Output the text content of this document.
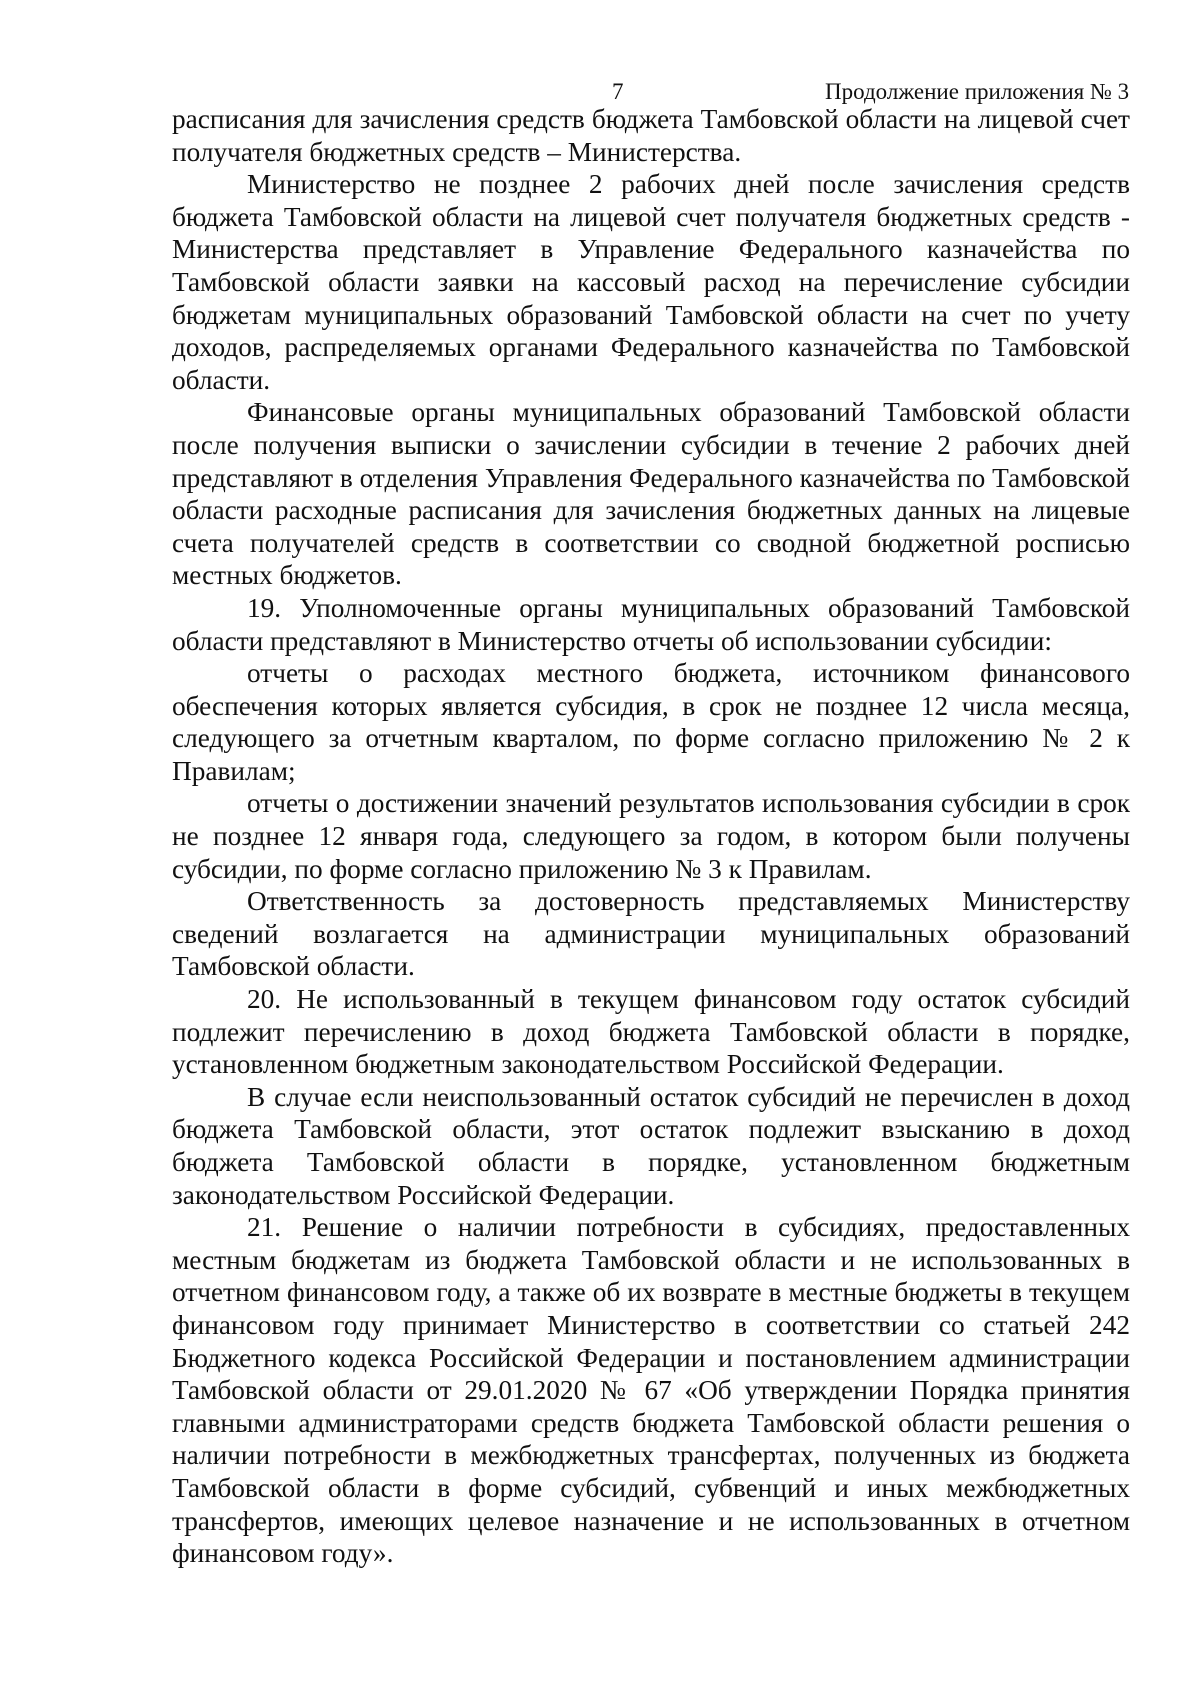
7	Продолжение приложения № 3

расписания для зачисления средств бюджета Тамбовской области на лицевой счет получателя бюджетных средств – Министерства.

Министерство не позднее 2 рабочих дней после зачисления средств бюджета Тамбовской области на лицевой счет получателя бюджетных средств - Министерства представляет в Управление Федерального казначейства по Тамбовской области заявки на кассовый расход на перечисление субсидии бюджетам муниципальных образований Тамбовской области на счет по учету доходов, распределяемых органами Федерального казначейства по Тамбовской области.

Финансовые органы муниципальных образований Тамбовской области после получения выписки о зачислении субсидии в течение 2 рабочих дней представляют в отделения Управления Федерального казначейства по Тамбовской области расходные расписания для зачисления бюджетных данных на лицевые счета получателей средств в соответствии со сводной бюджетной росписью местных бюджетов.

19. Уполномоченные органы муниципальных образований Тамбовской области представляют в Министерство отчеты об использовании субсидии:

отчеты о расходах местного бюджета, источником финансового обеспечения которых является субсидия, в срок не позднее 12 числа месяца, следующего за отчетным кварталом, по форме согласно приложению № 2 к Правилам;

отчеты о достижении значений результатов использования субсидии в срок не позднее 12 января года, следующего за годом, в котором были получены субсидии, по форме согласно приложению № 3 к Правилам.

Ответственность за достоверность представляемых Министерству сведений возлагается на администрации муниципальных образований Тамбовской области.

20. Не использованный в текущем финансовом году остаток субсидий подлежит перечислению в доход бюджета Тамбовской области в порядке, установленном бюджетным законодательством Российской Федерации.

В случае если неиспользованный остаток субсидий не перечислен в доход бюджета Тамбовской области, этот остаток подлежит взысканию в доход бюджета Тамбовской области в порядке, установленном бюджетным законодательством Российской Федерации.

21. Решение о наличии потребности в субсидиях, предоставленных местным бюджетам из бюджета Тамбовской области и не использованных в отчетном финансовом году, а также об их возврате в местные бюджеты в текущем финансовом году принимает Министерство в соответствии со статьей 242 Бюджетного кодекса Российской Федерации и постановлением администрации Тамбовской области от 29.01.2020 № 67 «Об утверждении Порядка принятия главными администраторами средств бюджета Тамбовской области решения о наличии потребности в межбюджетных трансфертах, полученных из бюджета Тамбовской области в форме субсидий, субвенций и иных межбюджетных трансфертов, имеющих целевое назначение и не использованных в отчетном финансовом году».
